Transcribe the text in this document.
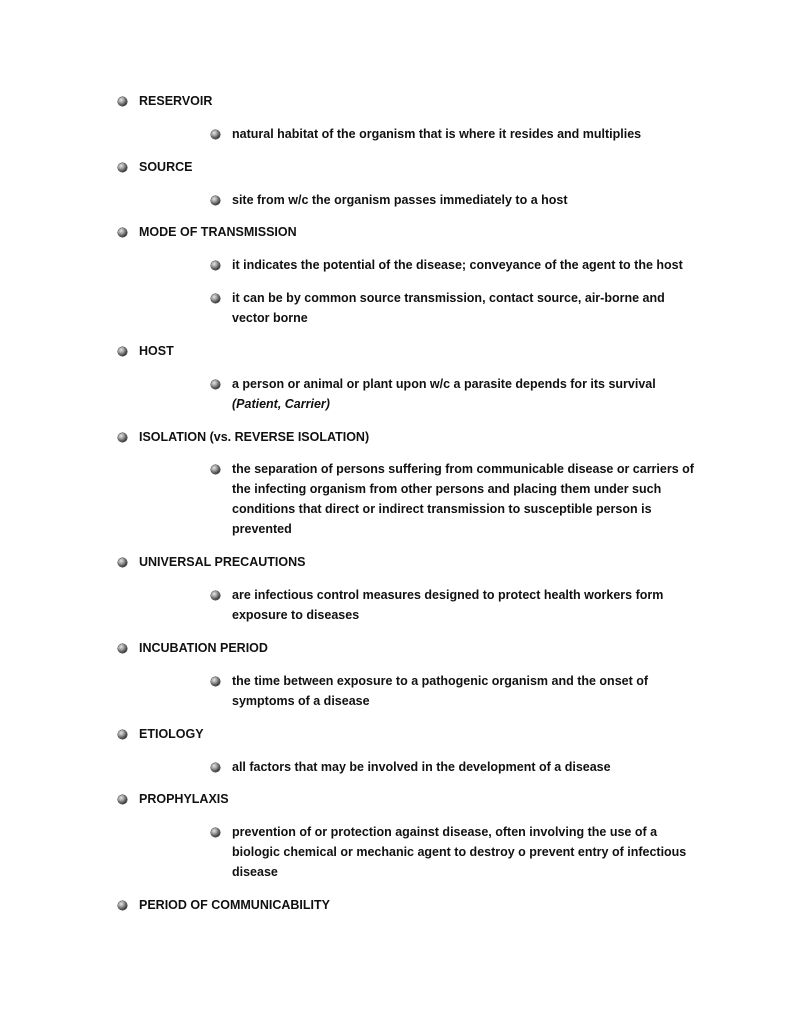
RESERVOIR
natural habitat of the organism that is where it resides and multiplies
SOURCE
site from w/c the organism passes immediately to a host
MODE OF TRANSMISSION
it indicates the potential of the disease; conveyance of the agent to the host
it can be by common source transmission, contact source, air-borne and
vector borne
HOST
a person or animal or plant upon w/c a parasite depends for its survival
(Patient, Carrier)
ISOLATION (vs. REVERSE ISOLATION)
the separation of persons suffering from communicable disease or carriers of
the infecting organism from other persons and placing them under such
conditions that direct or indirect transmission to susceptible person is
prevented
UNIVERSAL PRECAUTIONS
are infectious control measures designed to protect health workers form
exposure to diseases
INCUBATION PERIOD
the time between exposure to a pathogenic organism and the onset of
symptoms of a disease
ETIOLOGY
all factors that may be involved in the development of a disease
PROPHYLAXIS
prevention of or protection against disease, often involving the use of a
biologic chemical or mechanic agent to destroy o prevent entry of infectious
disease
PERIOD OF COMMUNICABILITY
